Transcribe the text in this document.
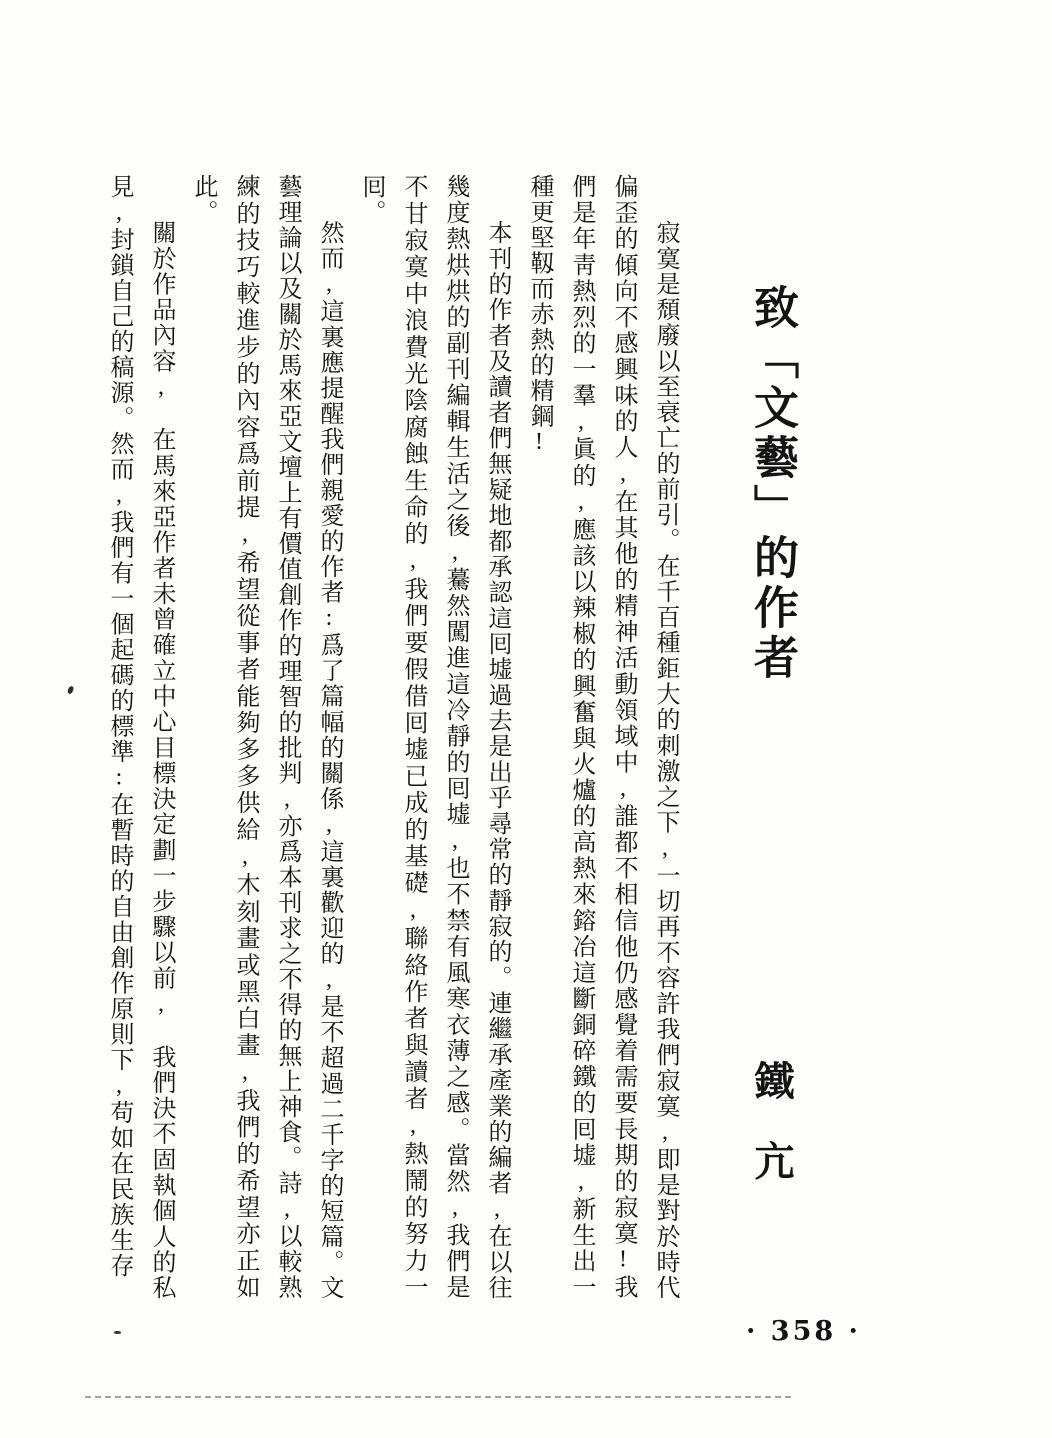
致「文藝」的作者
鐵亢

寂寞是頹廢以至衰亡的前引。在千百種鉅大的刺激之下,一切再不容許我們寂寞,即是對於時代偏歪的傾向不感興味的人,在其他的精神活動領域中,誰都不相信他仍感覺着需要長期的寂寞!我們是年靑熱烈的一羣,眞的,應該以辣椒的興奮與火爐的高熱來鎔冶這斷銅碎鐵的囘墟,新生出一種更堅靱而赤熱的精鋼!

本刊的作者及讀者們無疑地都承認這囘墟過去是出乎尋常的靜寂的。連繼承產業的編者,在以往幾度熱烘烘的副刊編輯生活之後,驀然闖進這冷靜的囘墟,也不禁有風寒衣薄之感。當然,我們是不甘寂寞中浪費光陰腐蝕生命的,我們要假借囘墟已成的基礎,聯絡作者與讀者,熱鬧的努力一囘。

然而,這裏應提醒我們親愛的作者:爲了篇幅的關係,這裏歡迎的,是不超過二千字的短篇。文藝理論以及關於馬來亞文壇上有價值創作的理智的批判,亦爲本刊求之不得的無上神食。詩,以較熟練的技巧較進步的內容爲前提,希望從事者能夠多多供給,木刻畫或黑白畫,我們的希望亦正如此。

關於作品內容,　在馬來亞作者未曾確立中心目標決定劃一步驟以前,　我們決不固執個人的私見,封鎖自己的稿源。然而,我們有一個起碼的標準:在暫時的自由創作原則下,苟如在民族生存

· 358 ·
